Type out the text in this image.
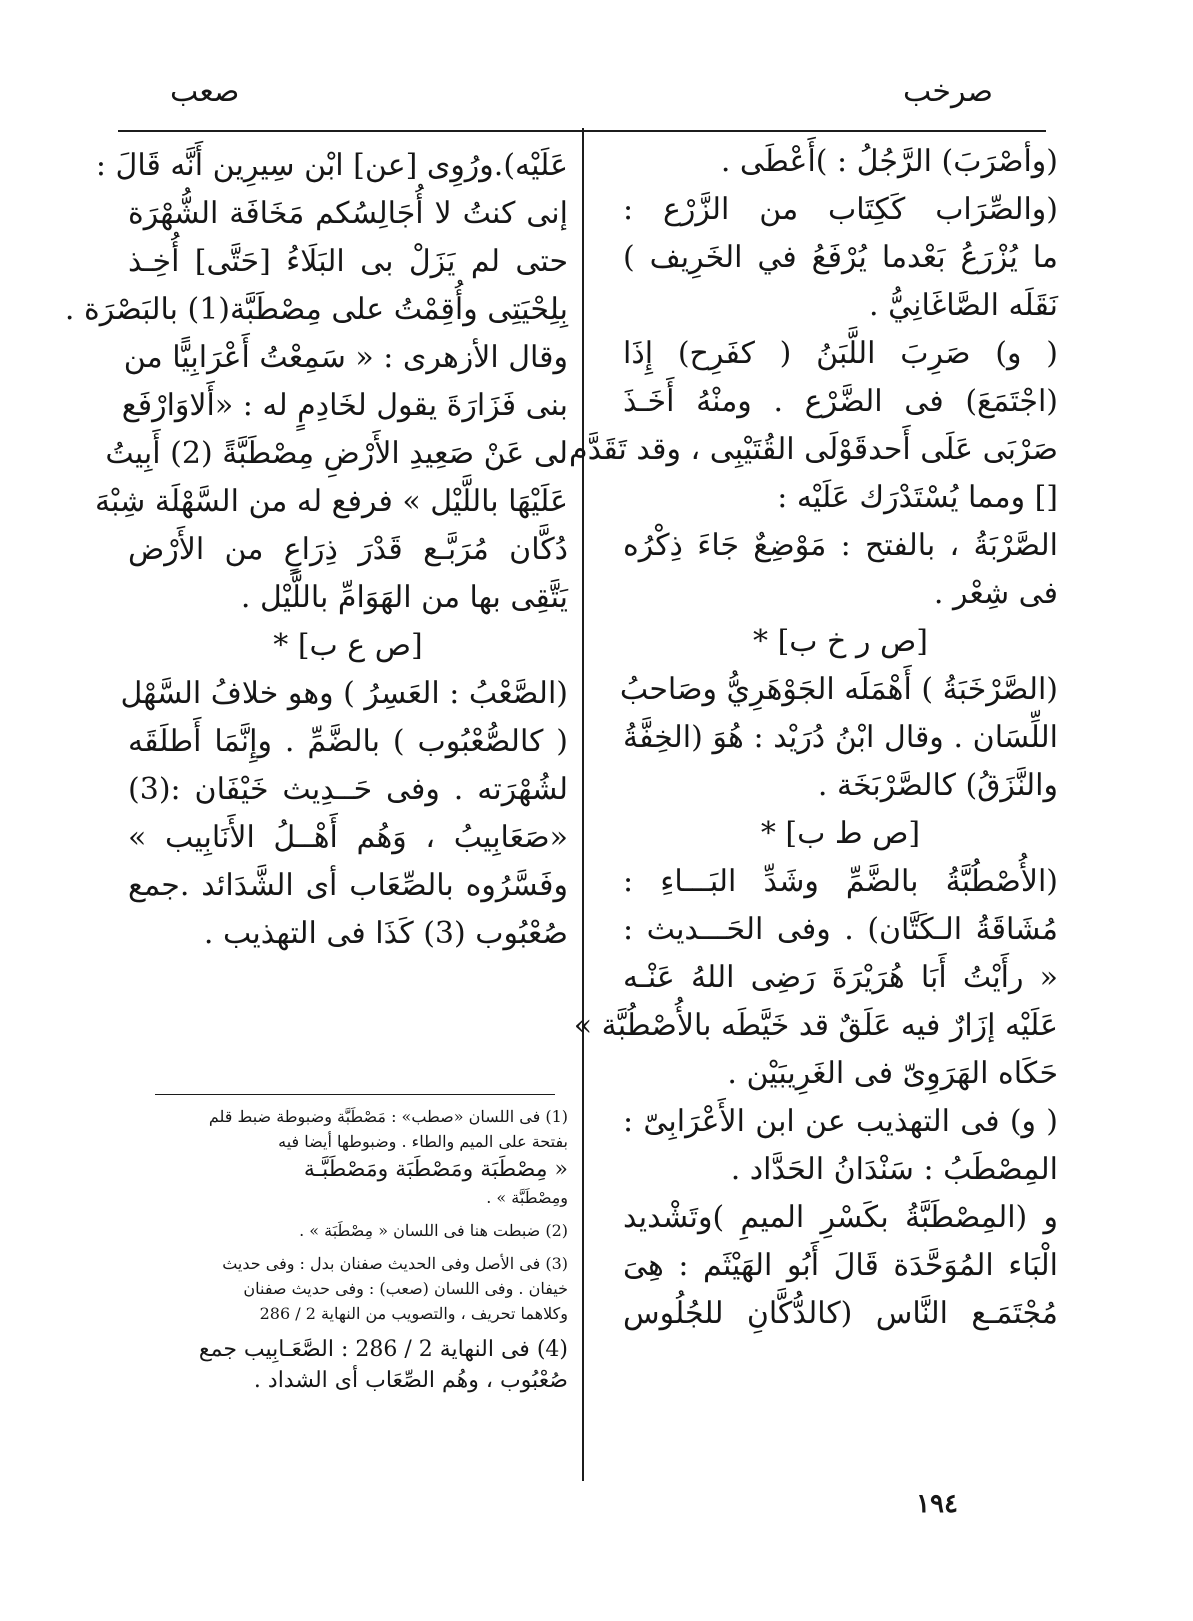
صرخب
صعب
(وأصْرَبَ) الرَّجُلُ : )أَعْطَى .
(والصِّرَاب كَكِتَاب من الزَّرْع :
ما يُزْرَعُ بَعْدما يُرْفَعُ في الخَرِيف )
نَقَلَه الصَّاغَانِيُّ .
( و) صَرِبَ اللَّبَنُ ( كفَرِح) إِذَا
(اجْتَمَعَ) فى الضَّرْع . ومنْهُ أَخَـذَ
صَرْبَى عَلَى أَحدقَوْلَى القُتَيْبِى ، وقد تَقَدَّم .
[] ومما يُسْتَدْرَك عَلَيْه :
الصَّرْبَةُ ، بالفتح : مَوْضِعٌ جَاءَ ذِكْرُه
فى شِعْر .
[ص ر خ ب] *
(الصَّرْخَبَةُ ) أَهْمَلَه الجَوْهَرِيُّ وصَاحبُ
اللِّسَان . وقال ابْنُ دُرَيْد : هُوَ (الخِفَّةُ
والنَّزَقُ) كالصَّرْبَخَة .
[ص ط ب] *
(الأُصْطُبَّةُ بالضَّمِّ وشَدِّ البَـــاءِ :
مُشَاقَةُ الـكَتَّان) . وفى الحَـــديث :
« رأَيْتُ أَبَا هُرَيْرَةَ رَضِى اللهُ عَنْـه
عَلَيْه إزَارٌ فيه عَلَقٌ قد خَيَّطَه بالأُصْطُبَّة »
حَكَاه الهَرَوِىّ فى الغَرِيبَيْن .
( و) فى التهذيب عن ابن الأَعْرَابِىّ :
المِصْطَبُ : سَنْدَانُ الحَدَّاد .
و (المِصْطَبَّةُ بكَسْرِ الميمِ )وتَشْديد
الْبَاء المُوَحَّدَة قَالَ أَبُو الهَيْثَم : هِىَ
مُجْتَمَـع النَّاس (كالدُّكَّانِ للجُلُوس
عَلَيْه).ورُوِى [عن] ابْن سِيرِين أَنَّه قَالَ :
إنى كنتُ لا أُجَالِسُكم مَخَافَة الشُّهْرَة
حتى لم يَزَلْ بى البَلَاءُ [حَتَّى] أُخِـذ
بِلِحْيَتِى وأُقِمْتُ على مِصْطَبَّة(1) بالبَصْرَة .
وقال الأزهرى : « سَمِعْتُ أَعْرَابِيًّا من
بنى فَزَارَةَ يقول لخَادِمٍ له : «أَلاوَارْفَع
لى عَنْ صَعِيدِ الأَرْضِ مِصْطَبَّةً (2) أَبِيتُ
عَلَيْهَا باللَّيْل » فرفع له من السَّهْلَة شِبْهَ
دُكَّان مُرَبَّـع قَدْرَ ذِرَاعٍ من الأَرْض
يَتَّقِى بها من الهَوَامِّ باللَّيْل .
[ص ع ب] *
(الصَّعْبُ : العَسِرُ ) وهو خلافُ السَّهْل
( كالصُّعْبُوب ) بالضَّمِّ . وإِنَّمَا أَطلَقَه
لشُهْرَته . وفى حَــدِيث خَيْفَان :(3)
«صَعَابِيبُ ، وَهُم أَهْــلُ الأَنَابِيب »
وفَسَّرُوه بالصِّعَاب أى الشَّدَائد .جمع
صُعْبُوب (3) كَذَا فى التهذيب .
(1) فى اللسان «صطب» : مَصْطَبَّة وضبوطة ضبط قلم
بفتحة على الميم والطاء . وضبوطها أيضا فيه
« مِصْطَبَة ومَصْطَبَة ومَصْطَبَّـة
ومِصْطَبَّة » .
(2) ضبطت هنا فى اللسان « مِصْطَبَة » .
(3) فى الأصل وفى الحديث صفنان بدل : وفى حديث
خيفان . وفى اللسان (صعب) : وفى حديث صفنان
وكلاهما تحريف ، والتصويب من النهاية 2 / 286
(4) فى النهاية 2 / 286 : الصَّعَـابِيب جمع
صُعْبُوب ، وهُم الصِّعَاب أى الشداد .
١٩٤
